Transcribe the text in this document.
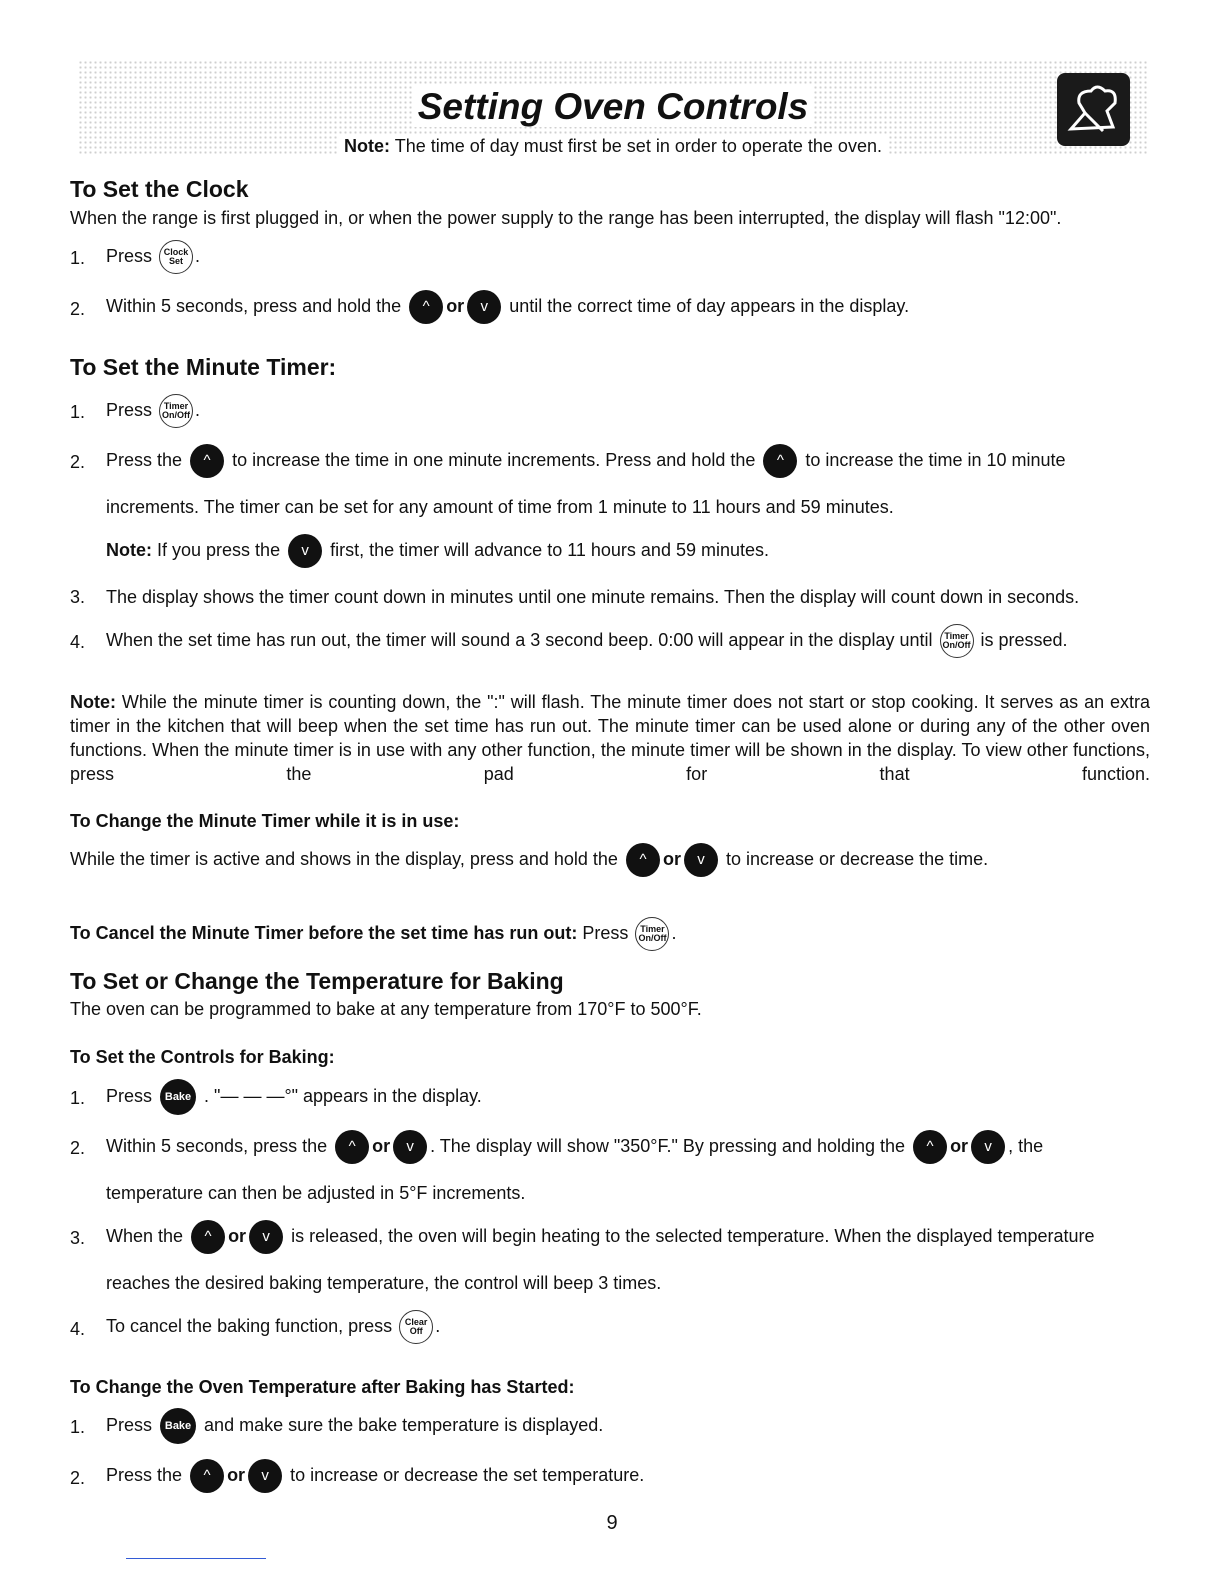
Setting Oven Controls
Note: The time of day must first be set in order to operate the oven.
To Set the Clock
When the range is first plugged in, or when the power supply to the range has been interrupted, the display will flash "12:00".
1. Press Clock
Set .
2. Within 5 seconds, press and hold the ^ or v until the correct time of day appears in the display.
To Set the Minute Timer:
1. Press Timer
On/Off .
2. Press the ^ to increase the time in one minute increments. Press and hold the ^ to increase the time in 10 minute
increments. The timer can be set for any amount of time from 1 minute to 11 hours and 59 minutes.
Note: If you press the v first, the timer will advance to 11 hours and 59 minutes.
3. The display shows the timer count down in minutes until one minute remains. Then the display will count down in seconds.
4. When the set time has run out, the timer will sound a 3 second beep. 0:00 will appear in the display until Timer
On/Off is pressed.
Note: While the minute timer is counting down, the ":" will flash. The minute timer does not start or stop cooking. It serves as an extra timer in the kitchen that will beep when the set time has run out. The minute timer can be used alone or during any of the other oven functions. When the minute timer is in use with any other function, the minute timer will be shown in the display. To view other functions, press the pad for that function.
To Change the Minute Timer while it is in use:
While the timer is active and shows in the display, press and hold the ^ or v to increase or decrease the time.
To Cancel the Minute Timer before the set time has run out: Press Timer
On/Off .
To Set or Change the Temperature for Baking
The oven can be programmed to bake at any temperature from 170°F to 500°F.
To Set the Controls for Baking:
1. Press Bake . "— — —°" appears in the display.
2. Within 5 seconds, press the ^ or v . The display will show "350°F." By pressing and holding the ^ or v , the
temperature can then be adjusted in 5°F increments.
3. When the ^ or v is released, the oven will begin heating to the selected temperature. When the displayed temperature
reaches the desired baking temperature, the control will beep 3 times.
4. To cancel the baking function, press Clear
Off .
To Change the Oven Temperature after Baking has Started:
1. Press Bake and make sure the bake temperature is displayed.
2. Press the ^ or v to increase or decrease the set temperature.
9
